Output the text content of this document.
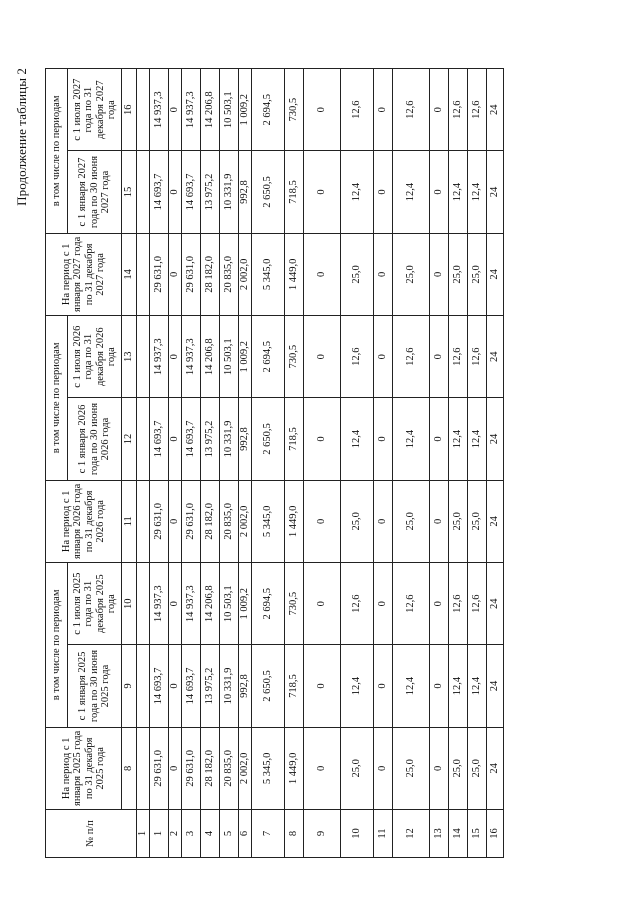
Продолжение таблицы 2
№ п/п	На период с 1 января 2025 года по 31 декабря 2025 года	в том числе по периодам		На период с 1 января 2026 года по 31 декабря 2026 года	в том числе по периодам		На период с 1 января 2027 года по 31 декабря 2027 года	в том числе по периодам	
		с 1 января 2025 года по 30 июня 2025 года	с 1 июля 2025 года по 31 декабря 2025 года		с 1 января 2026 года по 30 июня 2026 года	с 1 июля 2026 года по 31 декабря 2026 года		с 1 января 2027 года по 30 июня 2027 года	с 1 июля 2027 года по 31 декабря 2027 года
	8	9	10	11	12	13	14	15	16
1									
1	29 631,0	14 693,7	14 937,3	29 631,0	14 693,7	14 937,3	29 631,0	14 693,7	14 937,3
2	0	0	0	0	0	0	0	0	0
3	29 631,0	14 693,7	14 937,3	29 631,0	14 693,7	14 937,3	29 631,0	14 693,7	14 937,3
4	28 182,0	13 975,2	14 206,8	28 182,0	13 975,2	14 206,8	28 182,0	13 975,2	14 206,8
5	20 835,0	10 331,9	10 503,1	20 835,0	10 331,9	10 503,1	20 835,0	10 331,9	10 503,1
6	2 002,0	992,8	1 009,2	2 002,0	992,8	1 009,2	2 002,0	992,8	1 009,2
7	5 345,0	2 650,5	2 694,5	5 345,0	2 650,5	2 694,5	5 345,0	2 650,5	2 694,5
8	1 449,0	718,5	730,5	1 449,0	718,5	730,5	1 449,0	718,5	730,5
9	0	0	0	0	0	0	0	0	0
10	25,0	12,4	12,6	25,0	12,4	12,6	25,0	12,4	12,6
11	0	0	0	0	0	0	0	0	0
12	25,0	12,4	12,6	25,0	12,4	12,6	25,0	12,4	12,6
13	0	0	0	0	0	0	0	0	0
14	25,0	12,4	12,6	25,0	12,4	12,6	25,0	12,4	12,6
15	25,0	12,4	12,6	25,0	12,4	12,6	25,0	12,4	12,6
16	24	24	24	24	24	24	24	24	24
